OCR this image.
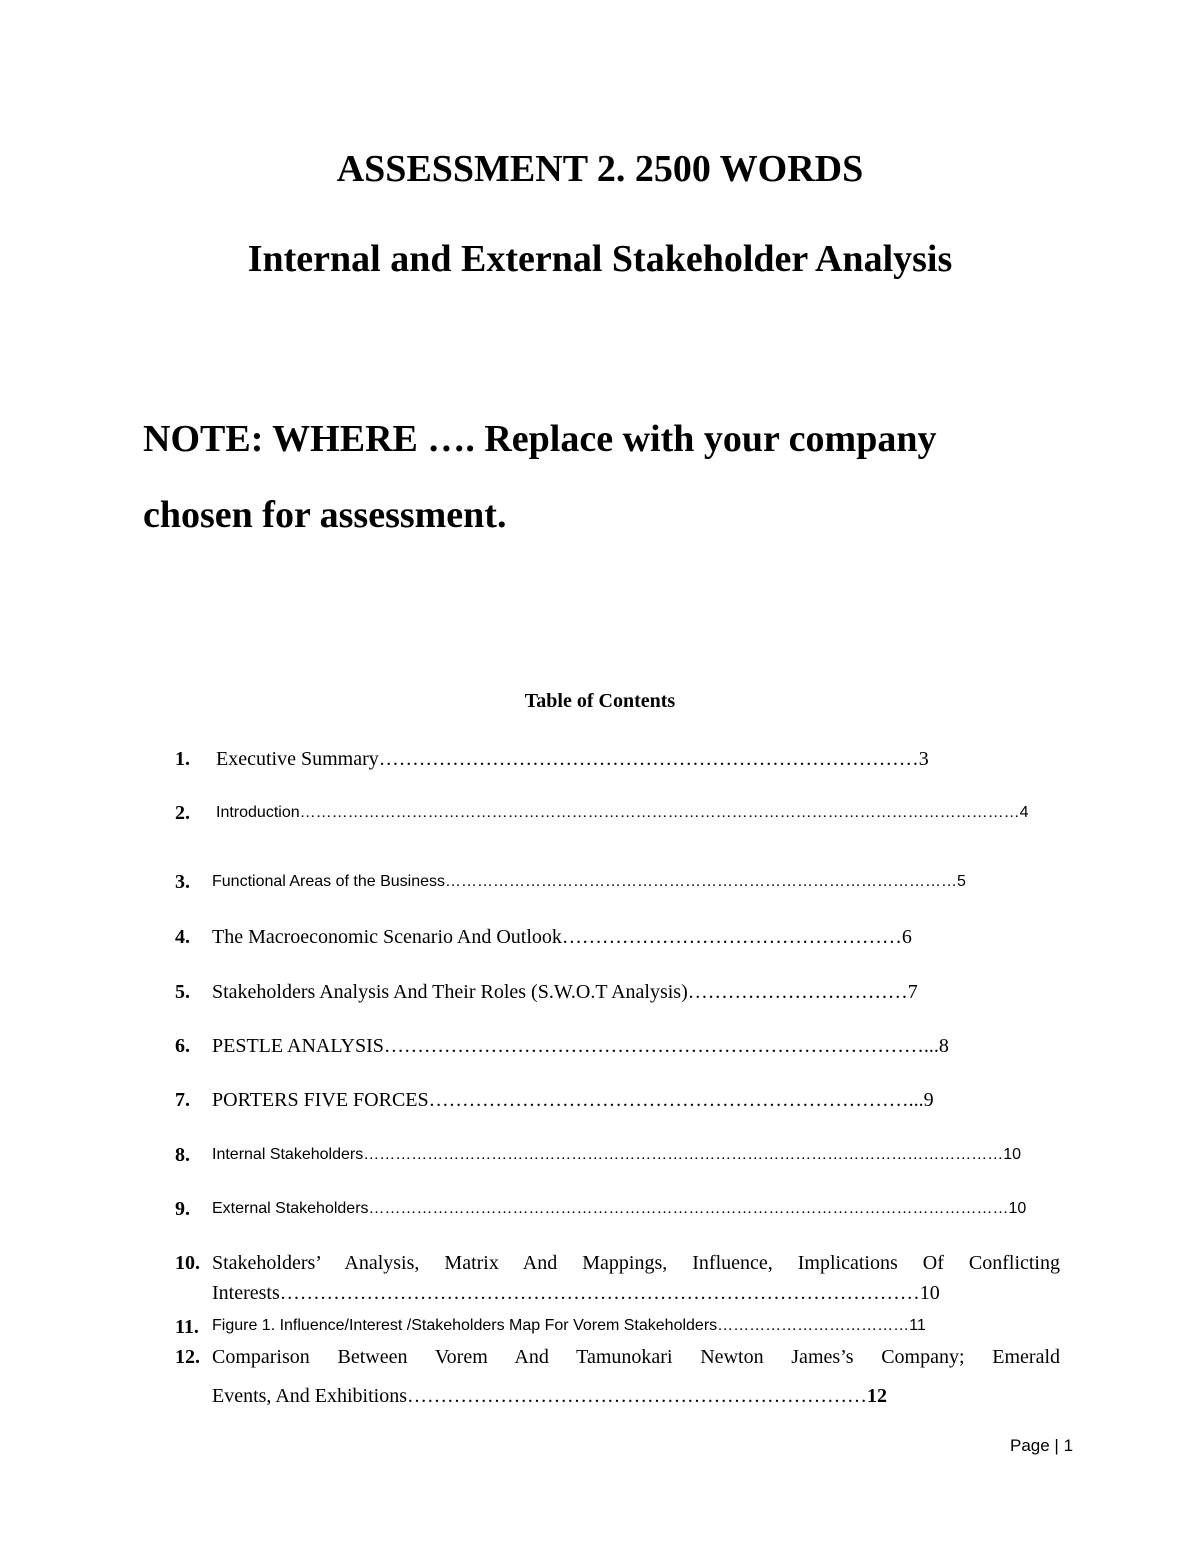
ASSESSMENT 2. 2500 WORDS
Internal and External Stakeholder Analysis

NOTE: WHERE …. Replace with your company

chosen for assessment.

Table of Contents
1. Executive Summary………………………………………………………………………3
2. Introduction………………………………………………………………………………………………………………………4
3. Functional Areas of the Business……………………………………………………………………………………5
4. The Macroeconomic Scenario And Outlook……………………………………………6
5. Stakeholders Analysis And Their Roles (S.W.O.T Analysis)……………………………7
6. PESTLE ANALYSIS………………………………………………………………………...8
7. PORTERS FIVE FORCES………………………………………………………………...9
8. Internal Stakeholders…………………………………………………………………………………………………………10
9. External Stakeholders…………………………………………………………………………………………………………10
10. Stakeholders’ Analysis, Matrix And Mappings, Influence, Implications Of Conflicting
Interests……………………………………………………………………………………10
11. Figure 1. Influence/Interest /Stakeholders Map For Vorem Stakeholders………………………………11
12. Comparison Between Vorem And Tamunokari Newton James’s Company; Emerald
Events, And Exhibitions……………………………………………………………12
Page | 1
